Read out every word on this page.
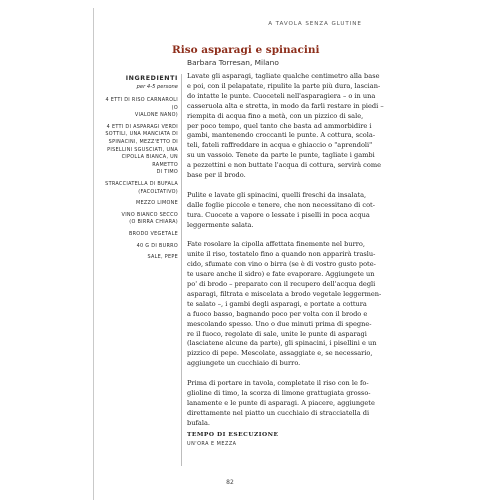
A TAVOLA SENZA GLUTINE
Riso asparagi e spinacini
Barbara Torresan, Milano
INGREDIENTI
per 4-5 persone
4 ETTI DI RISO CARNAROLI (O
VIALONE NANO)
4 ETTI DI ASPARAGI VERDI
SOTTILI, UNA MANCIATA DI
SPINACINI, MEZZ'ETTO DI
PISELLINI SGUSCIATI, UNA
CIPOLLA BIANCA, UN RAMETTO
DI TIMO
STRACCIATELLA DI BUFALA
(FACOLTATIVO)
MEZZO LIMONE
VINO BIANCO SECCO
(O BIRRA CHIARA)
BRODO VEGETALE
40 G DI BURRO
SALE, PEPE
Lavate gli asparagi, tagliate qualche centimetro alla base
e poi, con il pelapatate, ripulite la parte più dura, lascian-
do intatte le punte. Cuoceteli nell'asparagiera – o in una
casseruola alta e stretta, in modo da farli restare in piedi –
riempita di acqua fino a metà, con un pizzico di sale,
per poco tempo, quel tanto che basta ad ammorbidire i
gambi, mantenendo croccanti le punte. A cottura, scola-
teli, fateli raffreddare in acqua e ghiaccio o "aprendoli"
su un vassoio. Tenete da parte le punte, tagliate i gambi
a pezzettini e non buttate l'acqua di cottura, servirà come
base per il brodo.
Pulite e lavate gli spinacini, quelli freschi da insalata,
dalle foglie piccole e tenere, che non necessitano di cot-
tura. Cuocete a vapore o lessate i piselli in poca acqua
leggermente salata.
Fate rosolare la cipolla affettata finemente nel burro,
unite il riso, tostatelo fino a quando non apparirà traslu-
cido, sfumate con vino o birra (se è di vostro gusto pote-
te usare anche il sidro) e fate evaporare. Aggiungete un
po' di brodo – preparato con il recupero dell'acqua degli
asparagi, filtrata e miscelata a brodo vegetale leggermen-
te salato –, i gambi degli asparagi, e portate a cottura
a fuoco basso, bagnando poco per volta con il brodo e
mescolando spesso. Uno o due minuti prima di spegne-
re il fuoco, regolate di sale, unite le punte di asparagi
(lasciatene alcune da parte), gli spinacini, i pisellini e un
pizzico di pepe. Mescolate, assaggiate e, se necessario,
aggiungete un cucchiaio di burro.
Prima di portare in tavola, completate il riso con le fo-
glioline di timo, la scorza di limone grattugiata grosso-
lanamente e le punte di asparagi. A piacere, aggiungete
direttamente nel piatto un cucchiaio di stracciatella di
bufala.
TEMPO DI ESECUZIONE
UN'ORA E MEZZA
82
